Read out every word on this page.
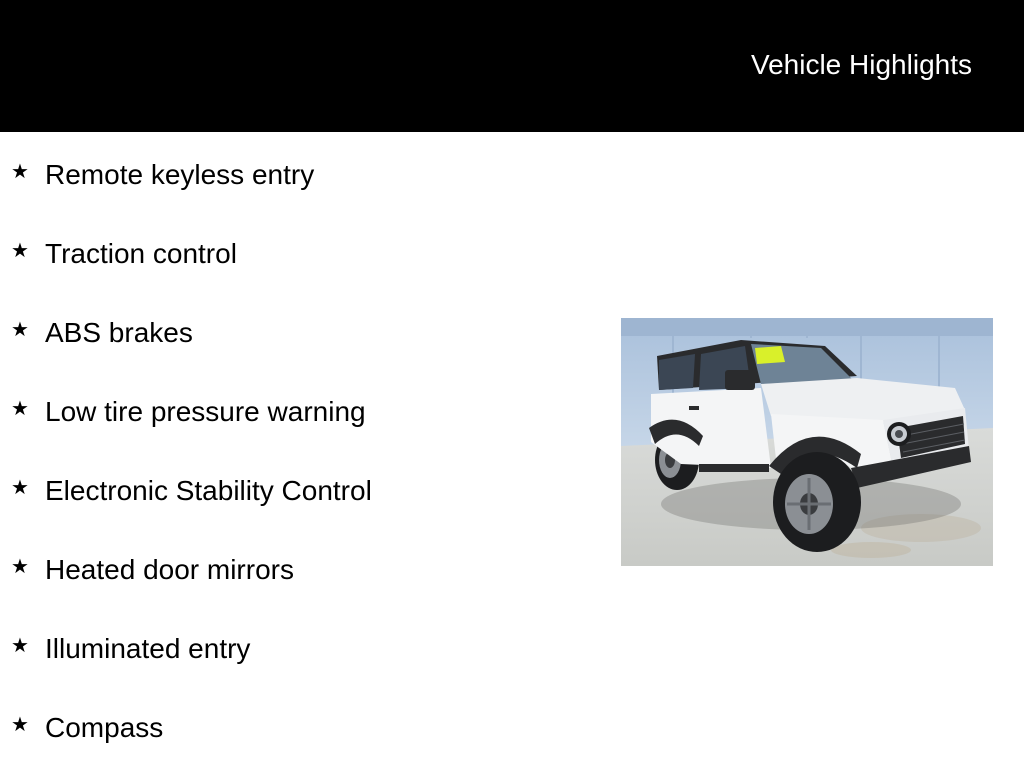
Vehicle Highlights
★ Remote keyless entry
★ Traction control
★ ABS brakes
★ Low tire pressure warning
★ Electronic Stability Control
★ Heated door mirrors
★ Illuminated entry
★ Compass
